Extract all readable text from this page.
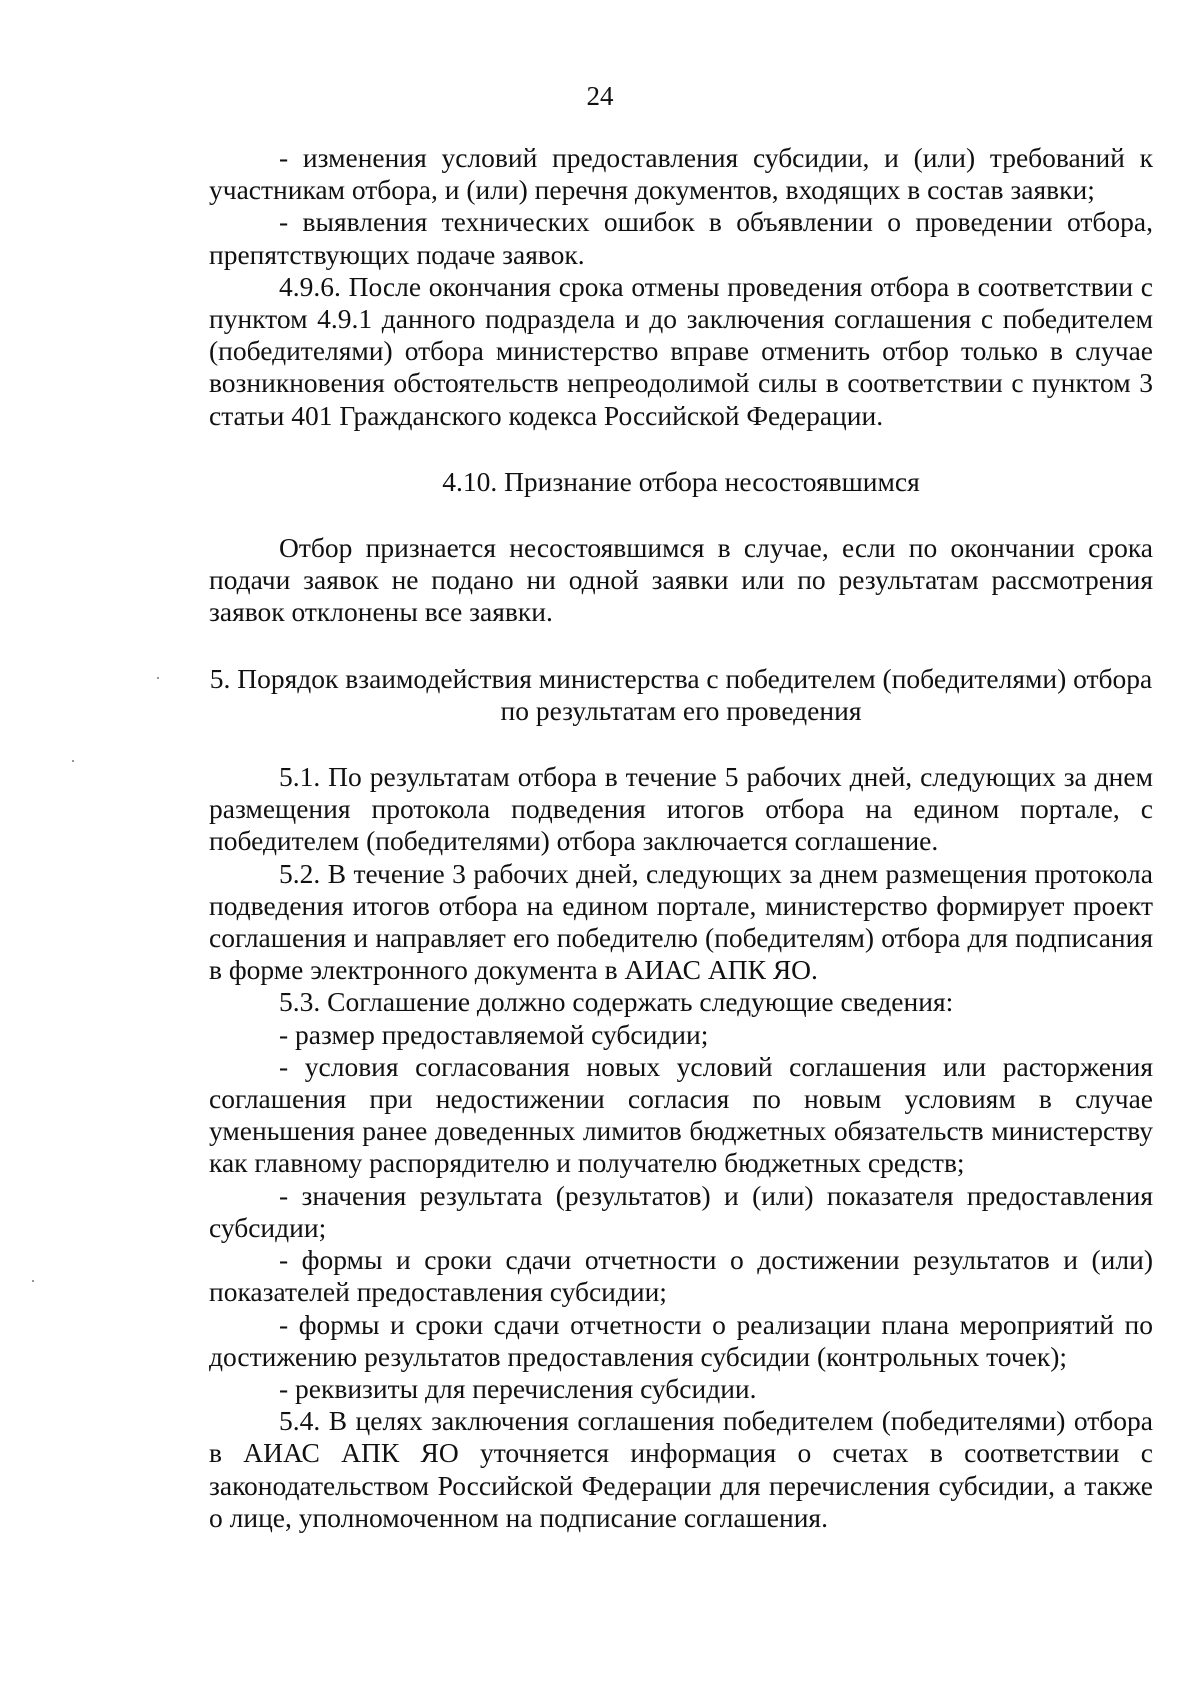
24

- изменения условий предоставления субсидии, и (или) требований к участникам отбора, и (или) перечня документов, входящих в состав заявки;

- выявления технических ошибок в объявлении о проведении отбора, препятствующих подаче заявок.

4.9.6. После окончания срока отмены проведения отбора в соответствии с пунктом 4.9.1 данного подраздела и до заключения соглашения с победителем (победителями) отбора министерство вправе отменить отбор только в случае возникновения обстоятельств непреодолимой силы в соответствии с пунктом 3 статьи 401 Гражданского кодекса Российской Федерации.

4.10. Признание отбора несостоявшимся

Отбор признается несостоявшимся в случае, если по окончании срока подачи заявок не подано ни одной заявки или по результатам рассмотрения заявок отклонены все заявки.

5. Порядок взаимодействия министерства с победителем (победителями) отбора по результатам его проведения

5.1. По результатам отбора в течение 5 рабочих дней, следующих за днем размещения протокола подведения итогов отбора на едином портале, с победителем (победителями) отбора заключается соглашение.

5.2. В течение 3 рабочих дней, следующих за днем размещения протокола подведения итогов отбора на едином портале, министерство формирует проект соглашения и направляет его победителю (победителям) отбора для подписания в форме электронного документа в АИАС АПК ЯО.

5.3. Соглашение должно содержать следующие сведения:

- размер предоставляемой субсидии;

- условия согласования новых условий соглашения или расторжения соглашения при недостижении согласия по новым условиям в случае уменьшения ранее доведенных лимитов бюджетных обязательств министерству как главному распорядителю и получателю бюджетных средств;

- значения результата (результатов) и (или) показателя предоставления субсидии;

- формы и сроки сдачи отчетности о достижении результатов и (или) показателей предоставления субсидии;

- формы и сроки сдачи отчетности о реализации плана мероприятий по достижению результатов предоставления субсидии (контрольных точек);

- реквизиты для перечисления субсидии.

5.4. В целях заключения соглашения победителем (победителями) отбора в АИАС АПК ЯО уточняется информация о счетах в соответствии с законодательством Российской Федерации для перечисления субсидии, а также о лице, уполномоченном на подписание соглашения.
